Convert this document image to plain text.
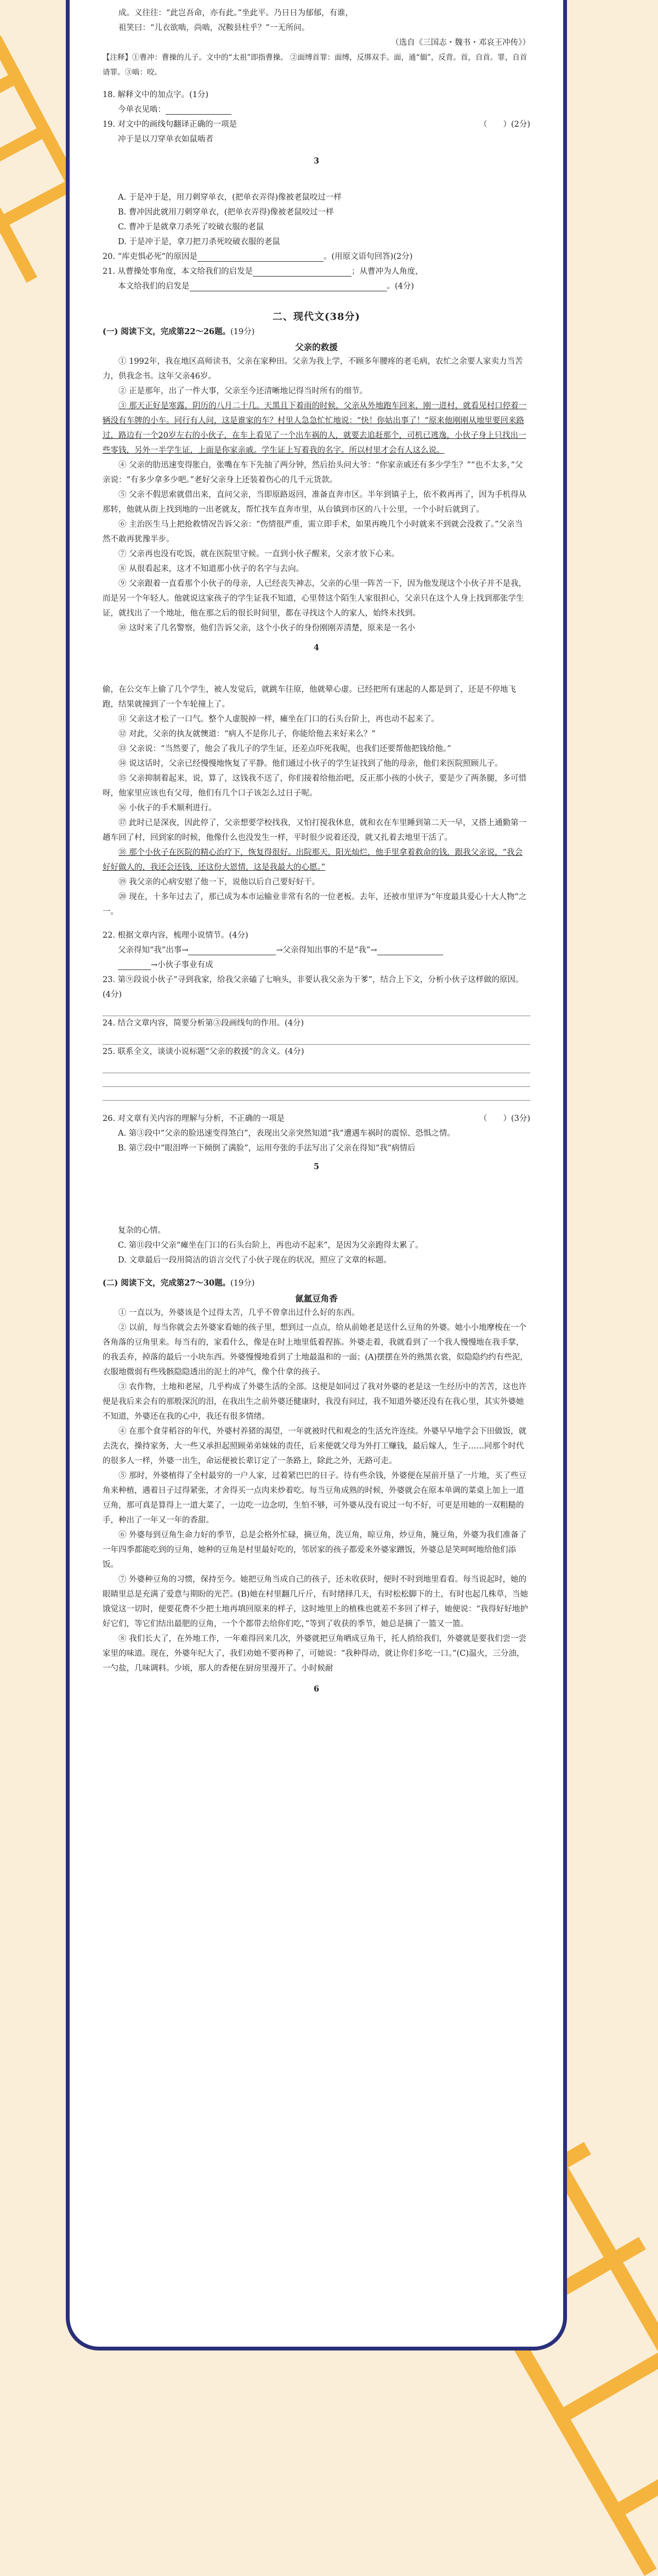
成。义往往：“此岂吾命，亦有此。”坐此平。乃日日为郁郁，有谁，

祖笑曰：“儿衣欲啮，尚啮，况鞍县柱乎？”一无所问。

（选自《三国志・魏书・邓哀王冲传》）

【注释】①曹冲：曹操的儿子。文中的“太祖”即指曹操。 ②面缚首罪：面缚，反绑双手。面，通“偭”，反背。首，自首。罪，自首请罪。③啮：咬。

18. 解释文中的加点字。(1分)

今单衣见啮：

19. 对文中的画线句翻译正确的一项是	（　　）(2分)

冲于是以刀穿单衣如鼠啮者

3

A. 于是冲于是，用刀刺穿单衣，(把单衣弄得)像被老鼠咬过一样

B. 曹冲因此就用刀刺穿单衣，(把单衣弄得)像被老鼠咬过一样

C. 曹冲于是就拿刀杀死了咬破衣服的老鼠

D. 于是冲于是，拿刀把刀杀死咬破衣服的老鼠

20. “库吏惧必死”的原因是	。(用原文语句回答)(2分)

21. 从曹操处事角度，本文给我们的启发是	；从曹冲为人角度，

本文给我们的启发是	。(4分)

二、现代文(38分)

(一) 阅读下文，完成第22～26题。(19分)

父亲的救援

① 1992年，我在地区高师读书，父亲在家种田。父亲为我上学，不顾多年腰疼的老毛病，农忙之余要人家卖力当苦力，供我念书。这年父亲46岁。

② 正是那年，出了一件大事，父亲至今还清晰地记得当时所有的细节。

③ 那天正好是寒露，阴历的八月二十几。天黑且下着雨的时候，父亲从外地跑车回来，刚一进村，就看见村口停着一辆没有车牌的小车。同行有人问，这是谁家的车？村里人急急忙忙地说：“快！你姑出事了！”原来他刚刚从地里要回来路过，路边有一个20岁左右的小伙子，在车上看见了一个出车祸的人，就要去追赶那个，司机已逃逸，小伙子身上只找出一些零钱，另外一半学生证，上面是你家亲戚。学生证上写着我的名字。所以村里才会有人这么说。

④ 父亲的肋迅速变得胀白，张嘴在车下先抽了两分钟，然后抬头问大爷：“你家亲戚还有多少学生？”“也不太多，”父亲说：“有多少拿多少吧。”老好父亲身上还装着伤心的几千元货款。

⑤ 父亲不假思索就借出来，直问父亲，当即原路返回，准备直奔市区。半年到镇子上，依不救再再了，因为手机得从那转，他就从街上找到地的一出老就友，帮忙找车直奔市里，从台镇到市区的八十公里，一个小时后就到了。

⑥ 主治医生马上把抢救情况告诉父亲：“伤情很严重，需立即手术，如果再晚几个小时就来不到就会没救了。”父亲当然不敢再犹豫半步。

⑦ 父亲再也没有吃饭，就在医院里守候。一直到小伙子醒来，父亲才放下心来。

⑧ 从很看起来，这才不知道那小伙子的名字与去向。

⑨ 父亲跟着一直看那个小伙子的母亲，人已经丧失神志，父亲的心里一阵苦一下，因为他发现这个小伙子并不是我，而是另一个年轻人。他就说这家孩子的学生证我不知道，心里替这个陌生人家很担心，父亲只在这个人身上找到那张学生证，就找出了一个地址，他在那之后的很长时间里，都在寻找这个人的家人，始终未找到。

⑩ 这时来了几名警察，他们告诉父亲，这个小伙子的身份刚刚弄清楚，原来是一名小

4

偷，在公交车上偷了几个学生，被人发觉后，就跳车往原，他就晕心虚。已经把所有迷起的人都是到了，还是不停地飞跑，结果就撞到了一个车轮撞上了。

⑪ 父亲这才松了一口气。整个人虚脱掉一样，瘫坐在门口的石头台阶上，再也动不起来了。

⑫ 对此，父亲的执友就懊道：“病人不是你儿子，你能给他去来好来么？”

⑬ 父亲说：“当然要了，他会了我儿子的学生证，还差点吓死我呢，也我们还要帮他把钱给他。”

⑭ 说这话时，父亲已经慢慢地恢复了平静。他们通过小伙子的学生证找到了他的母亲，他们来医院照顾儿子。

⑮ 父亲抑制着起来，说，算了，这钱我不送了，你们接着给他治吧，反正那小孩的小伙子，要是少了两条腿，多可惜呀，他家里应该也有父母，他们有几个口子该怎么过日子呢。

⑯ 小伙子的手术顺利进行。

⑰ 此时已是深夜，因此停了，父亲想要学校找我，又怕打搅我休息，就和衣在车里睡到第二天一早，又搭上通勤第一趟车回了村，回到家的时候，他像什么也没发生一样，平时很少说着还没，就又扎着去地里干活了。

⑱ 那个小伙子在医院的精心治疗下，恢复得很好。出院那天，阳光灿烂，他手里拿着救命的钱，跟我父亲说，“我会好好做人的，我还会还钱，还这份大恩情，这是我最大的心愿。”

⑲ 我父亲的心病安慰了他一下，说他以后自己要好好干。

⑳ 现在，十多年过去了，那已成为本市运输业非常有名的一位老板。去年，还被市里评为“年度最具爱心十大人物”之一。

22. 根据文章内容，梳理小说情节。(4分)

父亲得知“我”出事→	→父亲得知出事的不是“我”→

→小伙子事业有成

23. 第⑨段说小伙子“寻到我家，给我父亲磕了七响头，非要认我父亲为干爹”，结合上下文，分析小伙子这样做的原因。(4分)

24. 结合文章内容，简要分析第③段画线句的作用。(4分)

25. 联系全文，谈谈小说标题“父亲的救援”的含义。(4分)

26. 对文章有关内容的理解与分析，不正确的一项是	（　　）(3分)

A. 第③段中“父亲的脸迅速变得煞白”，表现出父亲突然知道“我”遭遇车祸时的震惊、恐惧之情。

B. 第⑦段中“眼泪哗一下倾倒了满脸”，运用夸张的手法写出了父亲在得知“我”病情后

5

复杂的心情。

C. 第⑪段中父亲“瘫坐在门口的石头台阶上，再也动不起来”，是因为父亲跑得太累了。

D. 文章最后一段用简洁的语言交代了小伙子现在的状况，照应了文章的标题。

(二) 阅读下文，完成第27～30题。(19分)

氤氲豆角香

① 一直以为，外婆该是个过得太苦，几乎不曾拿出过什么好的东西。

② 以前，每当你就会去外婆家看她的孩子里，想到过一点点，给从前她老是送什么豆角的外婆。她小小地摩梭在一个各角落的豆角里来。每当有的，家看什么，像是在时上地里低着捏拣。外婆走着，我就看到了一个我人慢慢地在我手掌，的我丢弃，掉落的最后一小块东西。外婆慢慢地看到了土地最温和的一面；(A)摆摆在外的熟黑衣裳，似隐隐约约有些泥，衣服地微弱有些残骸隐隐透出的泥土的冲气，像个什拿的孩子。

③ 农作物，土地和老屋，几乎构成了外婆生活的全部。这便是如同过了我对外婆的老是这一生经历中的苦苦，这也许便是我后来会有的那般深沉的泪，在我出生之前外婆还健康时，我没有问过，我不知道外婆还没有在我心里，其实外婆她不知道，外婆还在我的心中，我还有很多情绪。

④ 在那个食芽稻谷的年代，外婆村养猪的渴望，一年就被时代和观念的生活允许连续。外婆早早地学会下田做饭，就去洗衣，操持家务，大一些又承担起照顾弟弟妹妹的责任，后来便就父母为外打工赚钱，最后嫁人，生子……同那个时代的很多人一样，外婆一出生，命运便被长辈订定了一条路上，除此之外，无路可走。

⑤ 那时，外婆植得了全村最穷的一户人家，过着紧巴巴的日子。待有些余钱，外婆便在屋前开垦了一片地，买了些豆角来种植，遇着日子过得紧张，才舍得买一点肉来炒着吃。每当豆角成熟的时候，外婆就会在原本单调的菜桌上加上一道豆角，那可真是算得上一道大菜了，一边吃一边念叨，生怕不够，可外婆从没有说过一句不好，可更是用她的一双粗糙的手，种出了一年又一年的香甜。

⑥ 外婆每到豆角生命力好的季节，总是会格外忙碌，摘豆角，洗豆角，晾豆角，炒豆角，腌豆角，外婆为我们准备了一年四季都能吃到的豆角，她种的豆角是村里最好吃的，邻居家的孩子都爱来外婆家蹭饭，外婆总是笑呵呵地给他们添饭。

⑦ 外婆种豆角的习惯，保持至今。她把豆角当成自己的孩子，还未收获时，便时不时到地里看看。每当说起时，她的眼睛里总是充满了爱意与期盼的光芒。(B)她在村里翻几斤斤，有时绪择几天，有时松松脚下的土，有时也起几株草，当她饿觉这一切时，便要花费不少把土地再填回原来的样子，这时地里上的植株也就差不多回了样子，她便说：“我得好好地护好它们，等它们结出最肥的豆角，一个个都带去给你们吃，”等到了收获的季节，她总是摘了一篮又一篮。

⑧ 我们长大了，在外地工作，一年难得回来几次，外婆就把豆角晒成豆角干，托人捎给我们，外婆就是要我们尝一尝家里的味道。现在，外婆年纪大了，我们劝她不要再种了，可她说：“我种得动，就让你们多吃一口。”(C)温火，三分油，一勺盐，几味调料。少顷，那人的香便在厨房里漫开了。小时候耐

6
